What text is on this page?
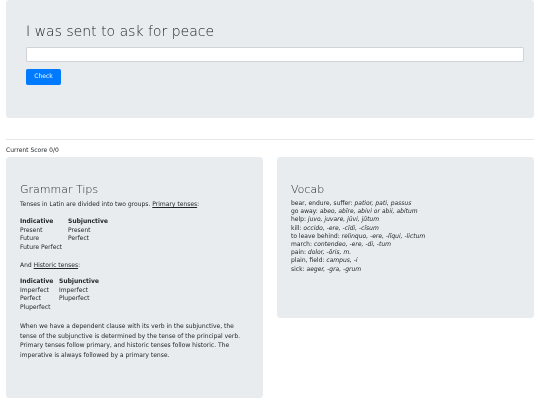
I was sent to ask for peace
Check
Current Score 0/0
Grammar Tips
Tenses in Latin are divided into two groups. Primary tenses:
Indicative	Subjunctive
Present	Present
Future	Perfect
Future Perfect
And Historic tenses:
Indicative Subjunctive
Imperfect	Imperfect
Perfect	Pluperfect
Pluperfect
When we have a dependent clause with its verb in the subjunctive, the tense of the subjunctive is determined by the tense of the principal verb. Primary tenses follow primary, and historic tenses follow historic. The imperative is always followed by a primary tense.
Vocab
bear, endure, suffer: patior, pati, passus
go away: abeo, abīre, abivi or abii, abitum
help: juvo, juvare, jūvi, jūtum
kill: occido, -ere, -cīdi, -cīsum
to leave behind: relinquo, -ere, -līqui, -lictum
march: contendeo, -ere, -di, -tum
pain: dolor, -ōris, m.
plain, field: campus, -i
sick: aeger, -gra, -grum
